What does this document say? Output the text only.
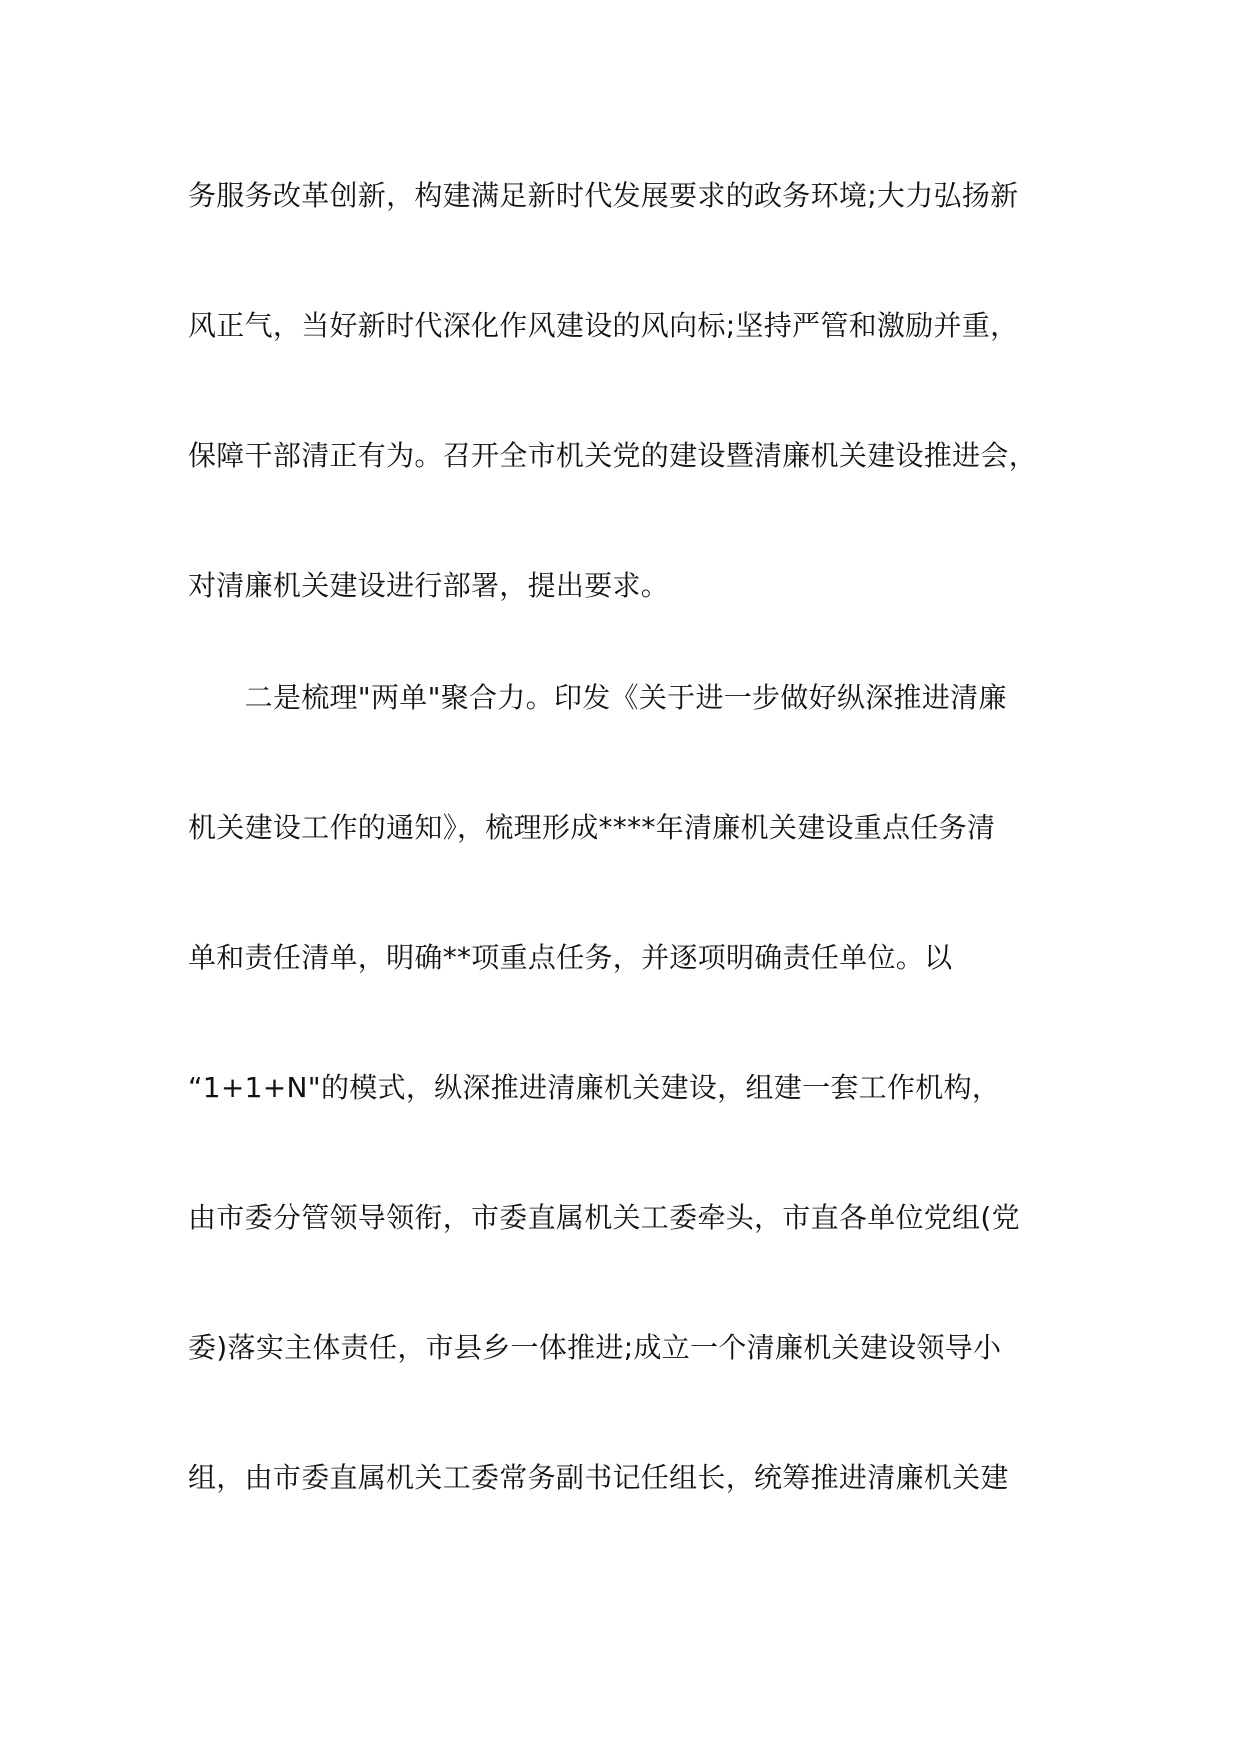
务服务改革创新，构建满足新时代发展要求的政务环境;大力弘扬新
风正气，当好新时代深化作风建设的风向标;坚持严管和激励并重，
保障干部清正有为。召开全市机关党的建设暨清廉机关建设推进会，
对清廉机关建设进行部署，提出要求。
　　二是梳理"两单"聚合力。印发《关于进一步做好纵深推进清廉
机关建设工作的通知》，梳理形成****年清廉机关建设重点任务清
单和责任清单，明确**项重点任务，并逐项明确责任单位。以
“1+1+N"的模式，纵深推进清廉机关建设，组建一套工作机构，
由市委分管领导领衔，市委直属机关工委牵头，市直各单位党组(党
委)落实主体责任，市县乡一体推进;成立一个清廉机关建设领导小
组，由市委直属机关工委常务副书记任组长，统筹推进清廉机关建
